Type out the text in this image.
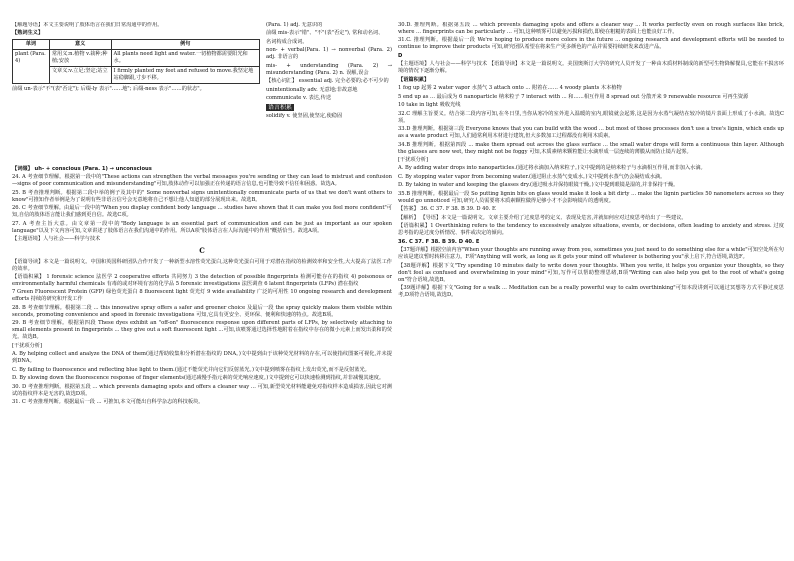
【解题导语】本文主要说明了肢体语言在我们日常沟通中的作用。

【熟词生义】

单词	意义	例句
plant (Para. 4)	常用义:n.植物 v.栽种;种植;安放	All plants need light and water.一切植物都需要阳光和水。
	文章义:v.立足;坚定;站立	I firmly planted my feet and refused to move.我坚定地站稳脚跟,寸步不移。

前缀 un-表示"不"(表"否定"); 后缀-ly 表示"……地"; 后缀-ness 表示"……的状态"。

(Para. 1) adj. 无意识的

前缀 mis-表示"错"、"不"(表"否定"), 常和动名词、

名词构成合成词。

non- + verbal(Para. 1) → nonverbal (Para. 2) adj. 非语言的

mis- + understanding (Para. 2) → misunderstanding (Para. 2) n. 误解,误会

【核心词汇】 essential adj. 完全必要的;必不可少的

unintentionally adv. 无意地;非故意地

communicate v. 表达,传送

语言积累

solidify v. 使坚固,使坚定,使稳固

【词缀】 uh- + conscious (Para. 1) → unconscious

24. A 考查细节理解。根据第一段中的"These actions can strengthen the verbal messages you're sending or they can lead to mistrust and confusion—signs of poor communication and misunderstanding"可知,肢体动作可以加强正在传递的语言信息,也可能导致不信任和困惑。故选A。

25. B 考查推理判断。根据第二段中举的例子及其中的" Some nonverbal signs unintentionally communicate parts of us that we don't want others to know"可推知作者举例是为了说明有些非语言信号会无意地将自己不想让他人知道的部分展现出来。故选B。

26. C 考查细节理解。由最后一段中的"When you display confident body language ... studies have shown that it can make you feel more confident"可知,自信的肢体语言能让我们感到更自信。故选C项。

27. A 考查主旨大意。由文章第一段中的"Body language is an essential part of communication and can be just as important as our spoken language"以及下文内容可知,文章讲述了肢体语言在我们沟通中的作用。所以A项"肢体语言在人际沟通中的作用"概括恰当。故选A项。

【主题语境】人与社会——科学与技术

C

【语篇导读】本文是一篇说明文。中国和英国科研团队合作开发了一种新型水溶性荧光蛋白,这种荧光蛋白可用于对潜在指纹的检测效率和安全性,大大提高了法医工作的效率。

【语篇积累】 1 forensic science 法医学 2 cooperative efforts 共同努力 3 the detection of possible fingerprints 检测可能存在的指纹 4) poisonous or environmentally harmful chemicals 有毒的或对环境有害的化学品 5 forensic investigations 法医调查 6 latent fingerprints (LFPs) 潜在指纹

7 Green Fluorescent Protein (GFP) 绿色荧光蛋白 8 fluorescent light 荧光灯 9 wide availability 广泛的可用性 10 ongoing research and development efforts 持续的研究和开发工作

28. B 考查细节理解。根据第二段 ... this innovative spray offers a safer and greener choice 及最后一段 the spray quickly makes them visible within seconds, promoting convenience and speed in forensic investigations 可知,它具有更安全、更环保、便利和快速的特点。故选B项。

29. B 考查细节理解。根据第四段 These dyes exhibit an "off-on" fluorescence response upon different parts of LFPs, by selectively attaching to small elements present in fingerprints ... they give out a soft fluorescent light ...可知,该喷雾通过选择性地附着在指纹中存在的微小元素上而发出柔和的荧光。故选B。

[干扰项分析]

A. By helping collect and analyze the DNA of them(通过帮助收集和分析潜在指纹的 DNA。)文中提到由于该种荧光材料的存在,可以使指纹图案可视化,并未提到DNA。

C. By failing to fluorescence and reflecting blue light to them.(通过不能荧光并向它们反射蓝光。)文中提到喷雾在指纹上发出荧光,而不是反射蓝光。

D. By slowing down the fluorescence response of finger elements(通过减慢手指元素的荧光响应速度。)文中提到它可以快速检测到指纹,并非减慢其速度。

30. D 考查推理判断。根据第五段 ... which prevents damaging spots and offers a cleaner way ... 可知,新型荧光材料能避免对指纹样本造成损害,因此它对测试的指纹样本是无害的,故选D项。

31. C 考查推理判断。根据最后一段 ... 可推知,本文可能出自科学杂志的科技板块。

30.D. 推理判断。根据第五段 ... which prevents damaging spots and offers a cleaner way ... It works perfectly even on rough surfaces like brick, where ... fingerprints can be particularly ... 可知,这种喷雾可以避免污损和损伤,即使在粗糙的表面上也能良好工作。

31.C. 推理判断。根据最后一段 We're hoping to produce more colors in the future ... ongoing research and development efforts will be needed to continue to improve their products 可知,研究团队希望在将来生产更多颜色的产品并需要持续研发来改进产品。

D

【主题语境】人与社会——科学与技术 【语篇导读】本文是一篇说明文。美国奥斯汀大学的研究人员开发了一种由木质材料制成的新型可生物降解餐具,它能在不损害环境的情况下逐渐分解。

【语篇积累】

1 fog up 起雾 2 water vapor 水蒸气 3 attach onto ... 附着在…… 4 woody plants 木本植物

5 end up as ... 最后成为 6 nanoparticle 纳米粒子 7 interact with ... 和……相互作用 8 spread out 分散开来 9 renewable resource 可再生资源

10 take in light 吸收光线

32.C 理解主旨要义。结合第二段内容可知,在冬日里,当你从寒冷的室外进入温暖的室内,眼镜就会起雾,这是因为水蒸气凝结在较冷的镜片表面上形成了小水滴。故选C项。

33.D 推理判断。根据第三段 Everyone knows that you can build with the wood ... but most of those processes don't use a tree's lignin, which ends up as a waste product 可知,人们通常利用木材进行建筑,但大多数加工过程都没有利用木质素。

34.B 推理判断。根据第四段 ... make them spread out across the glass surface ... the small water drops will form a continuous thin layer. Although the glasses are now wet, they might not be foggy 可知,木质素纳米颗粒能让水滴形成一层连续的薄膜从而防止镜片起雾。

[干扰项分析]

A. By adding water drops into nanoparticles.(通过将水滴加入纳米粒子。)文中提到的是纳米粒子与水滴相互作用,而非加入水滴。

C. By stopping water vapor from becoming water.(通过阻止水蒸气变成水。)文中提到水蒸气仍会凝结成水滴。

D. By taking in water and keeping the glasses dry.(通过吸水并保持眼镜干燥。)文中提到眼镜是湿的,并非保持干燥。

35.B 推理判断。根据最后一段 So putting lignin bits on glass would make it look a bit dirty ... make the lignin particles 50 nanometers across so they would go unnoticed 可知,研究人员需要将木质素颗粒做得足够小才不会影响镜片的透明度。

【答案】 36. C 37. F 38. B 39. D 40. E

【解析】 【导语】本文是一篇说明文。文章主要介绍了过度思考的定义、表现及危害,并就如何应对过度思考给出了一些建议。

【语篇积累】1 Overthinking refers to the tendency to excessively analyze situations, events, or decisions, often leading to anxiety and stress. 过度思考指的是过度分析情况、事件或决定的倾向。

36. C 37. F 38. B 39. D 40. E

【37题详解】根据空前内容"When your thoughts are running away from you, sometimes you just need to do something else for a while"可知空处所在句应该是建议暂时转移注意力。F项"Anything will work, as long as it gets your mind off whatever is bothering you"承上启下,符合语境,故选F。

【38题详解】根据下文"Try spending 10 minutes daily to write down your thoughts. When you write, it helps you organize your thoughts, so they don't feel as confused and overwhelming in your mind"可知,写作可以帮助整理思绪,B项"Writing can also help you get to the root of what's going on"符合语境,故选B。

【39题详解】根据下文"Going for a walk ... Meditation can be a really powerful way to calm overthinking"可知本段讲到可以通过冥想等方式平静过度思考,D项符合语境,故选D。
